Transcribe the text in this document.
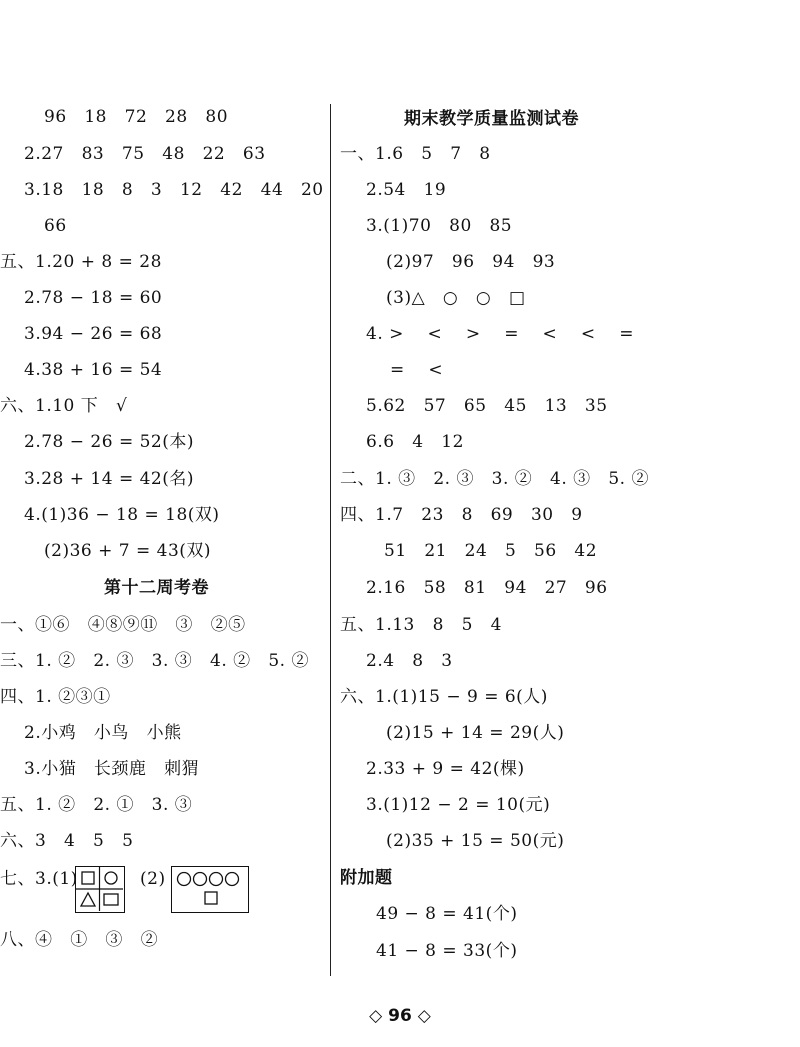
96   18   72   28   80
2.27   83   75   48   22   63
3.18   18   8   3   12   42   44   20
66
五、1.20 + 8 = 28
2.78 − 18 = 60
3.94 − 26 = 68
4.38 + 16 = 54
六、1.10 下   √
2.78 − 26 = 52(本)
3.28 + 14 = 42(名)
4.(1)36 − 18 = 18(双)
(2)36 + 7 = 43(双)
第十二周考卷
一、①⑥   ④⑧⑨⑪   ③   ②⑤
三、1. ②   2. ③   3. ③   4. ②   5. ②
四、1. ②③①
2.小鸡   小鸟   小熊
3.小猫   长颈鹿   刺猬
五、1. ②   2. ①   3. ③
六、3   4   5   5
七、3.(1)	(2)
八、④   ①   ③   ②
期末教学质量监测试卷
一、1.6   5   7   8
2.54   19
3.(1)70   80   85
(2)97   96   94   93
(3)△   ○   ○   □
4. >    <    >    =    <    <    =
=    <
5.62   57   65   45   13   35
6.6   4   12
二、1. ③   2. ③   3. ②   4. ③   5. ②
四、1.7   23   8   69   30   9
51   21   24   5   56   42
2.16   58   81   94   27   96
五、1.13   8   5   4
2.4   8   3
六、1.(1)15 − 9 = 6(人)
(2)15 + 14 = 29(人)
2.33 + 9 = 42(棵)
3.(1)12 − 2 = 10(元)
(2)35 + 15 = 50(元)
附加题
49 − 8 = 41(个)
41 − 8 = 33(个)
◇ 96 ◇
